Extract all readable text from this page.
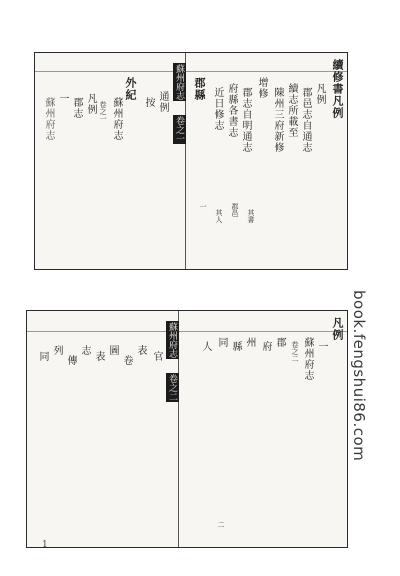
續修書凡例
凡例
郡邑志自通志
續志所載至
陳州三府新修
增修
郡志自明通志
府縣各書志
近日修志
郡縣
蘇州府志
卷之一
通例
按
外紀
蘇州府志
卷之一
凡例
郡志
一
蘇州府志
郡邑
其人
一
其書
凡例
一
蘇州府志
卷之二
郡
府
州
縣
同
人
蘇州府志
卷之二
官
表
卷
圖
表
志
傳
列
同
二
book.fengshui86.com
1
